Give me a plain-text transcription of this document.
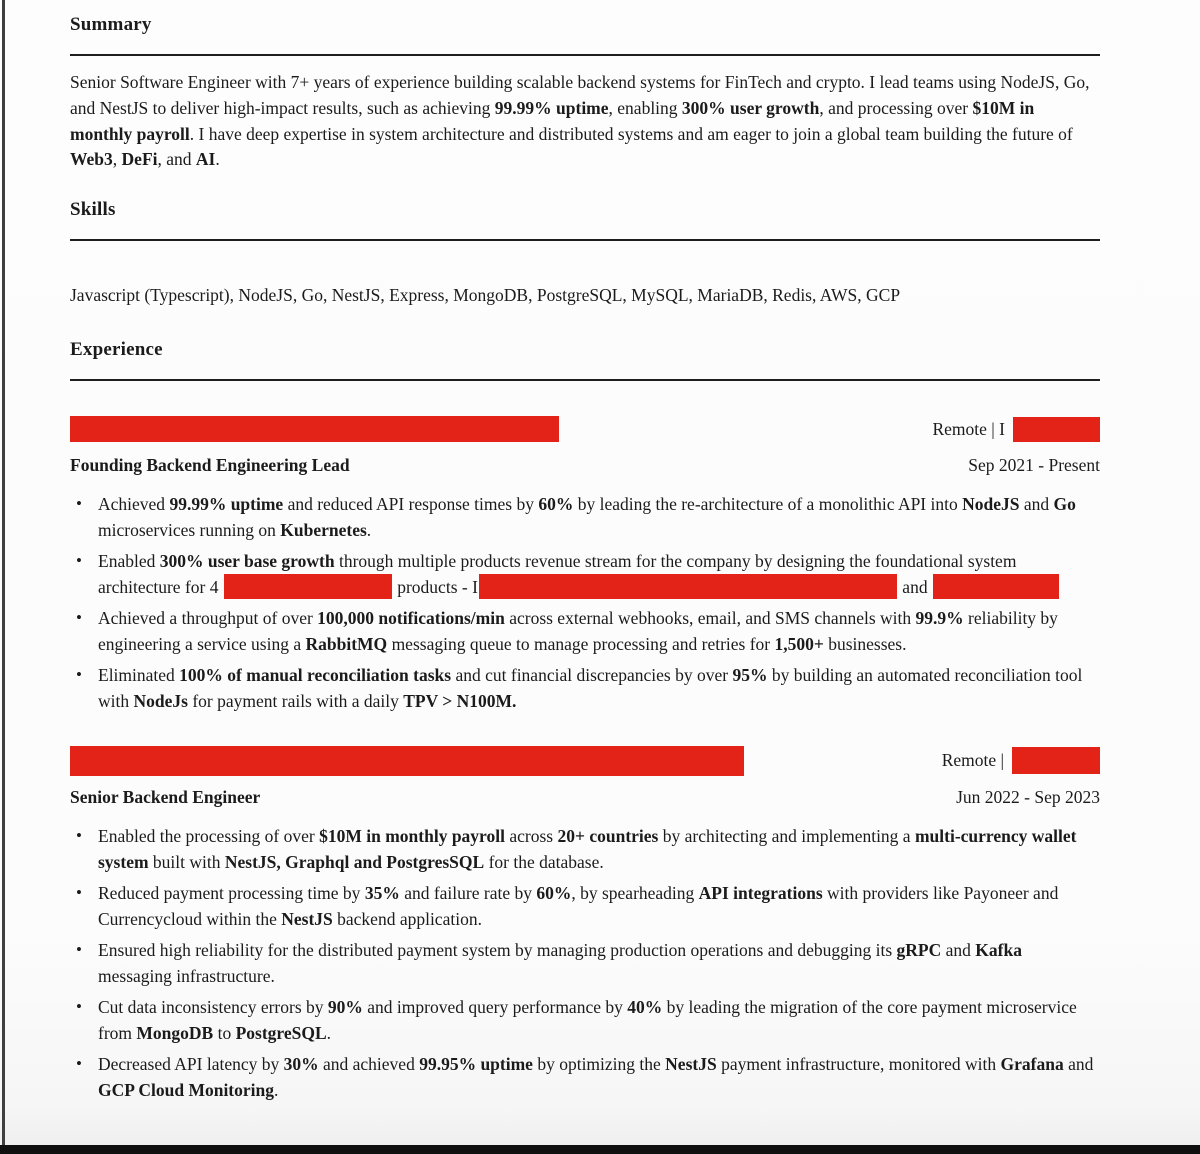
Summary

Senior Software Engineer with 7+ years of experience building scalable backend systems for FinTech and crypto. I lead teams using NodeJS, Go, and NestJS to deliver high-impact results, such as achieving 99.99% uptime, enabling 300% user growth, and processing over $10M in monthly payroll. I have deep expertise in system architecture and distributed systems and am eager to join a global team building the future of Web3, DeFi, and AI.

Skills

Javascript (Typescript), NodeJS, Go, NestJS, Express, MongoDB, PostgreSQL, MySQL, MariaDB, Redis, AWS, GCP

Experience
Remote | I
Founding Backend Engineering Lead	Sep 2021 - Present
• Achieved 99.99% uptime and reduced API response times by 60% by leading the re-architecture of a monolithic API into NodeJS and Go microservices running on Kubernetes.
• Enabled 300% user base growth through multiple products revenue stream for the company by designing the foundational system architecture for 4	products - I	and
• Achieved a throughput of over 100,000 notifications/min across external webhooks, email, and SMS channels with 99.9% reliability by engineering a service using a RabbitMQ messaging queue to manage processing and retries for 1,500+ businesses.
• Eliminated 100% of manual reconciliation tasks and cut financial discrepancies by over 95% by building an automated reconciliation tool with NodeJs for payment rails with a daily TPV > N100M.
Remote |
Senior Backend Engineer	Jun 2022 - Sep 2023
• Enabled the processing of over $10M in monthly payroll across 20+ countries by architecting and implementing a multi-currency wallet system built with NestJS, Graphql and PostgresSQL for the database.
• Reduced payment processing time by 35% and failure rate by 60%, by spearheading API integrations with providers like Payoneer and Currencycloud within the NestJS backend application.
• Ensured high reliability for the distributed payment system by managing production operations and debugging its gRPC and Kafka messaging infrastructure.
• Cut data inconsistency errors by 90% and improved query performance by 40% by leading the migration of the core payment microservice from MongoDB to PostgreSQL.
• Decreased API latency by 30% and achieved 99.95% uptime by optimizing the NestJS payment infrastructure, monitored with Grafana and GCP Cloud Monitoring.
